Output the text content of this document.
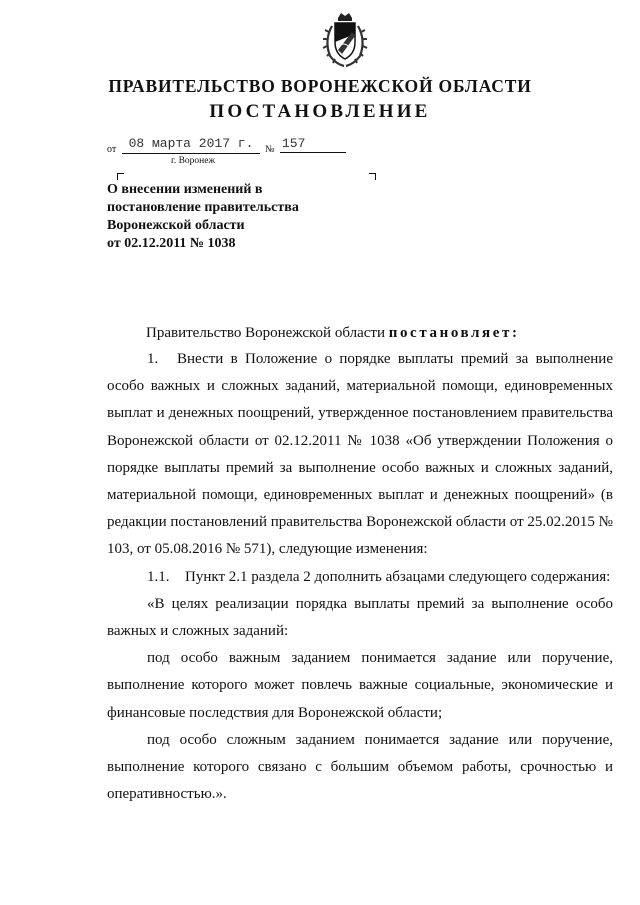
ПРАВИТЕЛЬСТВО ВОРОНЕЖСКОЙ ОБЛАСТИ
ПОСТАНОВЛЕНИЕ
от 08 марта 2017 г.	№ 157
г. Воронеж
О внесении изменений в
постановление правительства
Воронежской области
от 02.12.2011 № 1038
Правительство Воронежской области постановляет:

1. Внести в Положение о порядке выплаты премий за выполнение особо важных и сложных заданий, материальной помощи, единовременных выплат и денежных поощрений, утвержденное постановлением правительства Воронежской области от 02.12.2011 № 1038 «Об утверждении Положения о порядке выплаты премий за выполнение особо важных и сложных заданий, материальной помощи, единовременных выплат и денежных поощрений» (в редакции постановлений правительства Воронежской области от 25.02.2015 № 103, от 05.08.2016 № 571), следующие изменения:

1.1. Пункт 2.1 раздела 2 дополнить абзацами следующего содержания:

«В целях реализации порядка выплаты премий за выполнение особо важных и сложных заданий:

под особо важным заданием понимается задание или поручение, выполнение которого может повлечь важные социальные, экономические и финансовые последствия для Воронежской области;

под особо сложным заданием понимается задание или поручение, выполнение которого связано с большим объемом работы, срочностью и оперативностью.».
